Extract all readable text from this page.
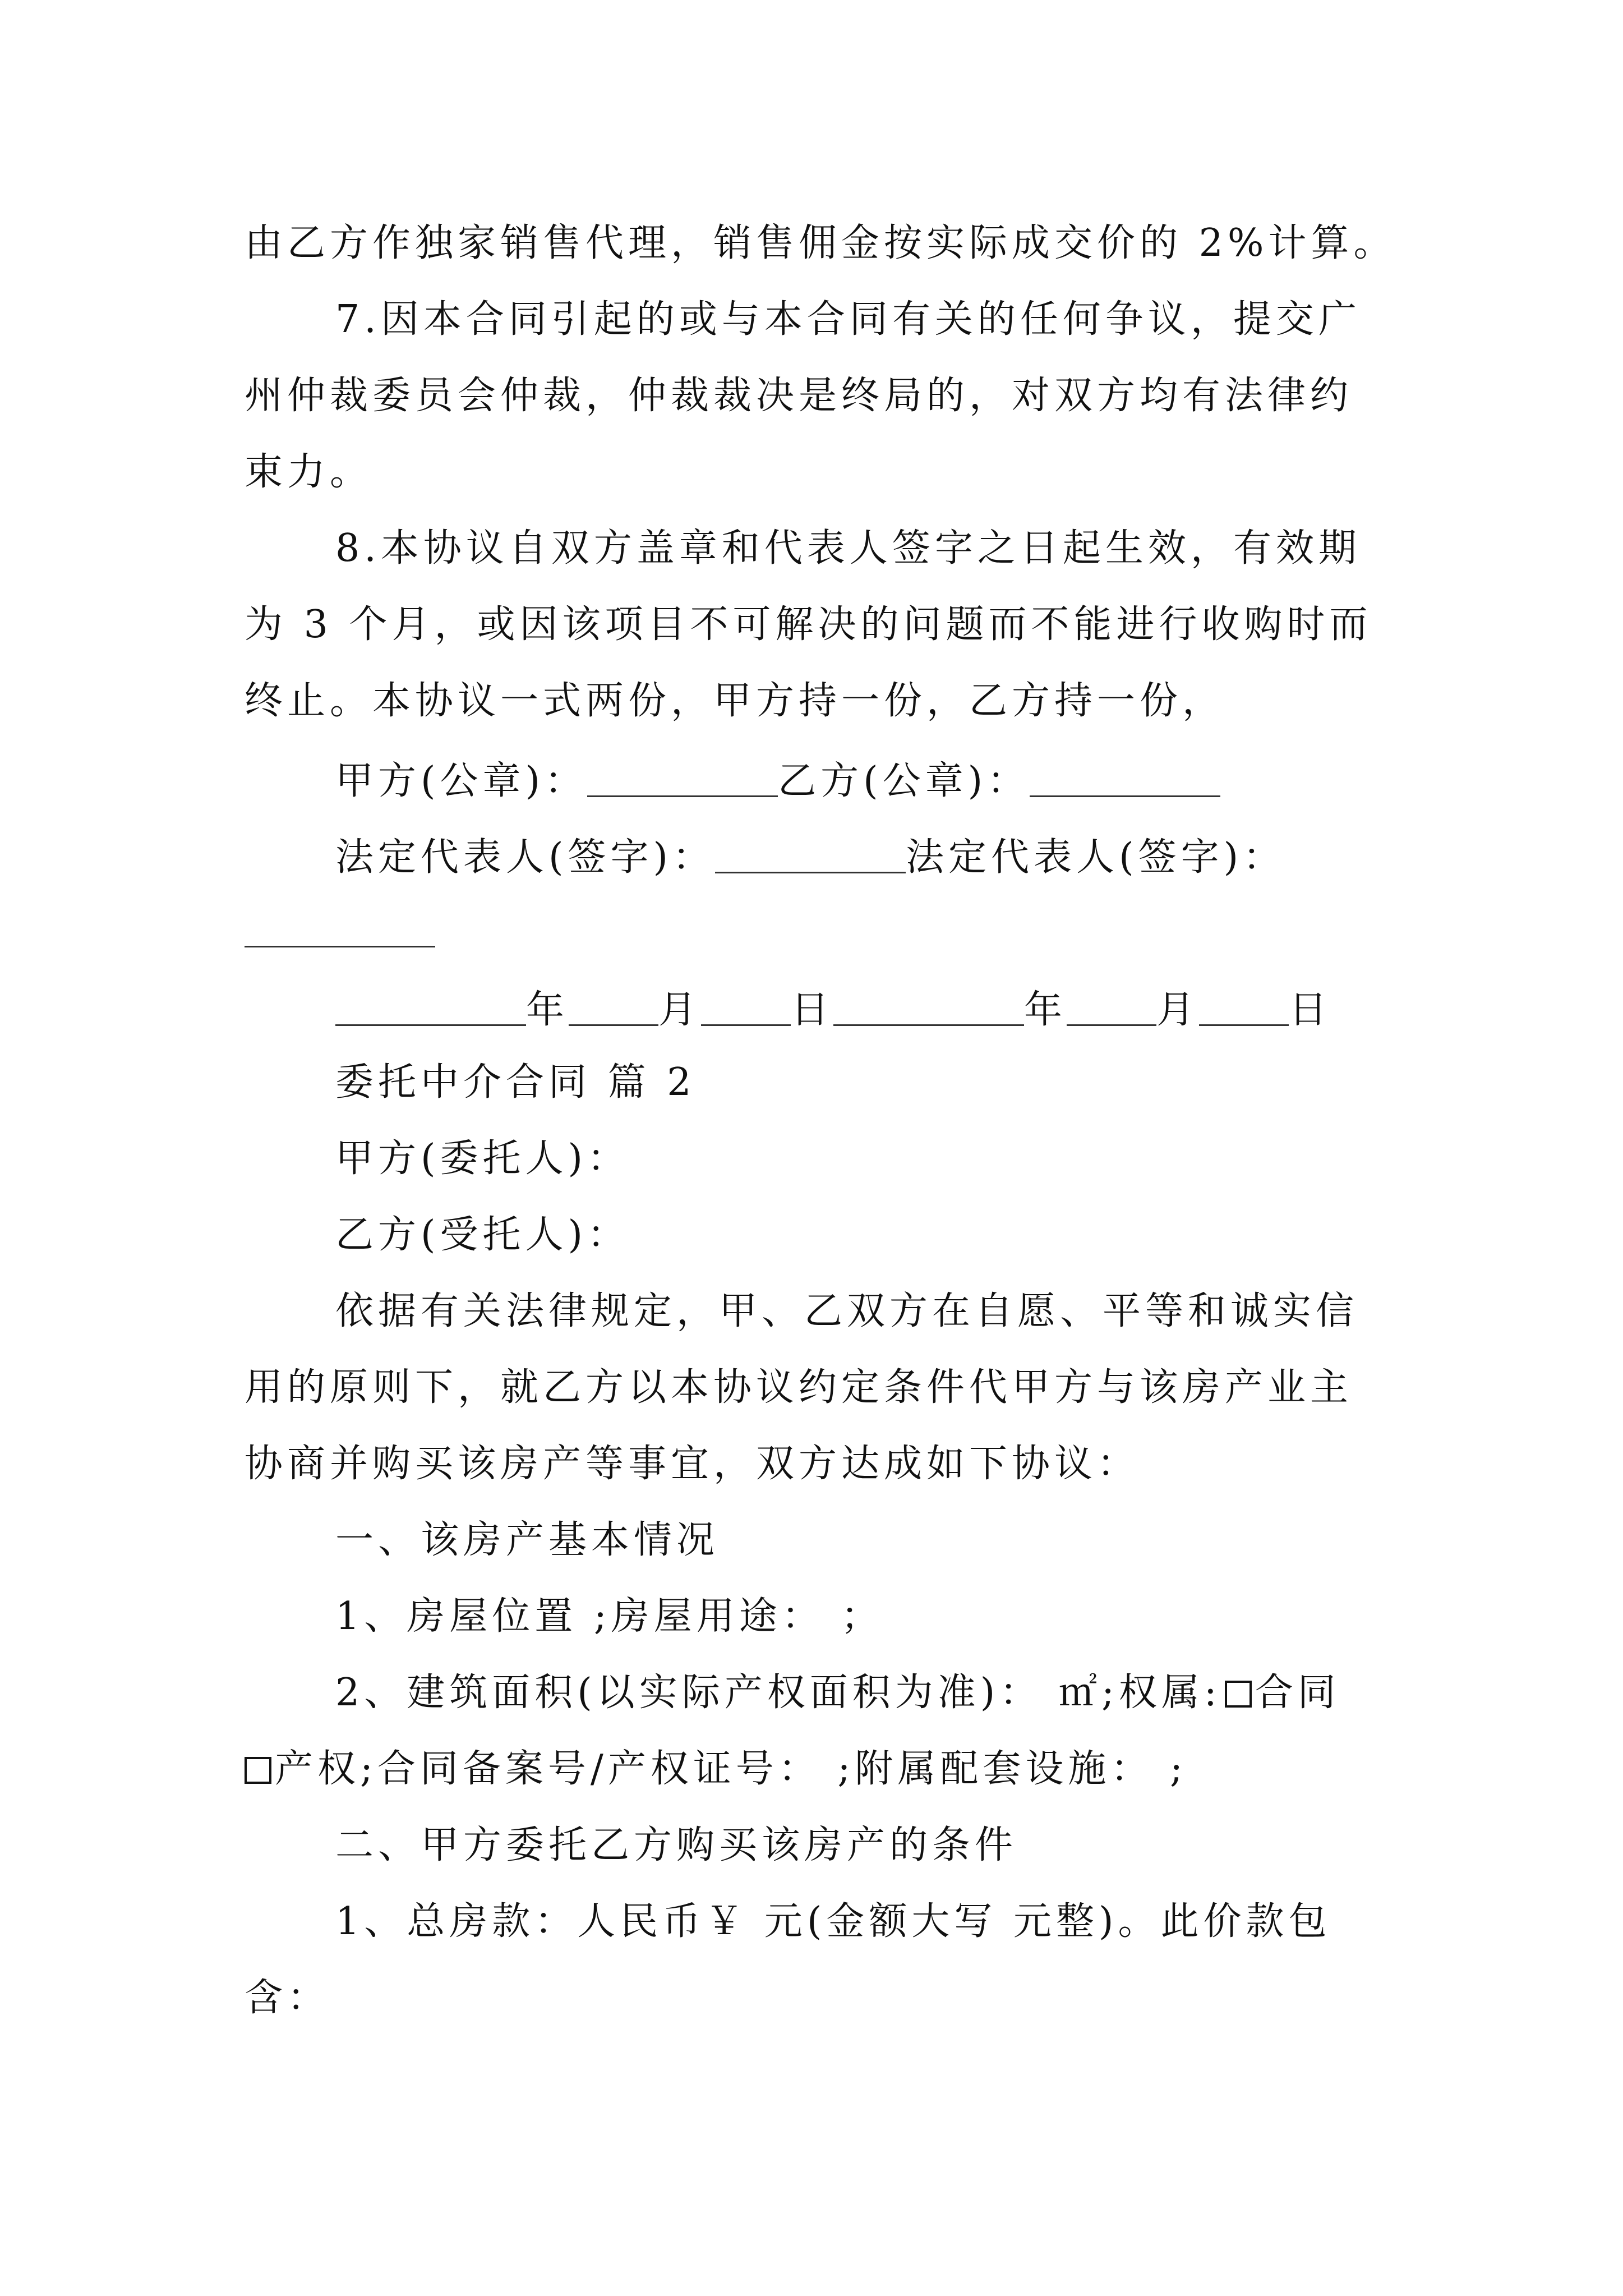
由乙方作独家销售代理，销售佣金按实际成交价的 2%计算。
7.因本合同引起的或与本合同有关的任何争议，提交广
州仲裁委员会仲裁，仲裁裁决是终局的，对双方均有法律约
束力。
8.本协议自双方盖章和代表人签字之日起生效，有效期
为 3 个月，或因该项目不可解决的问题而不能进行收购时而
终止。本协议一式两份，甲方持一份，乙方持一份，
甲方(公章)：	乙方(公章)：
法定代表人(签字)：	法定代表人(签字)：
年 月 日	年 月 日
委托中介合同 篇 2
甲方(委托人)：
乙方(受托人)：
依据有关法律规定，甲、乙双方在自愿、平等和诚实信
用的原则下，就乙方以本协议约定条件代甲方与该房产业主
协商并购买该房产等事宜，双方达成如下协议：
一、该房产基本情况
1、房屋位置 ;房屋用途： ；
2、建筑面积(以实际产权面积为准)： ㎡;权属: 合同
产权;合同备案号/产权证号： ;附属配套设施： ;
二、甲方委托乙方购买该房产的条件
1、总房款：人民币￥ 元(金额大写 元整)。此价款包
含：
